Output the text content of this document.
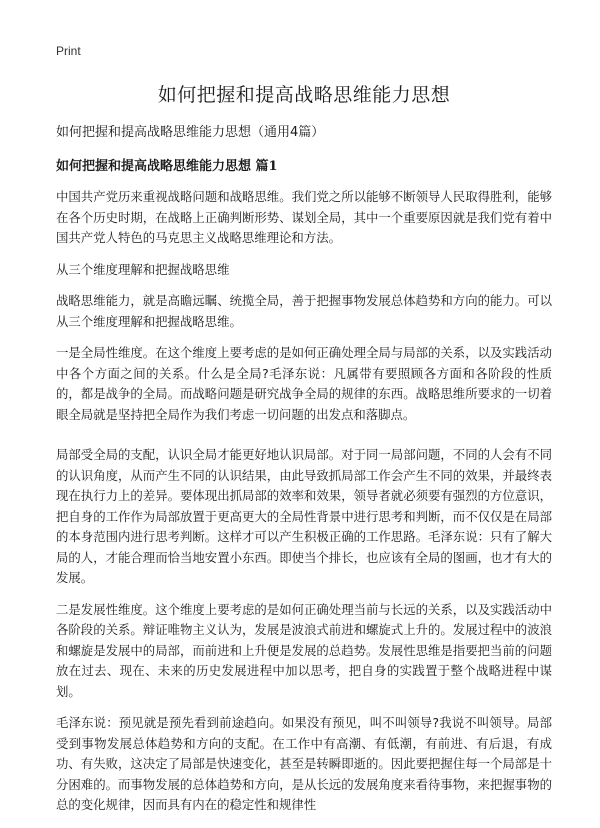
Print
如何把握和提高战略思维能力思想

如何把握和提高战略思维能力思想（通用4篇）

如何把握和提高战略思维能力思想 篇1

中国共产党历来重视战略问题和战略思维。我们党之所以能够不断领导人民取得胜利，能够在各个历史时期，在战略上正确判断形势、谋划全局，其中一个重要原因就是我们党有着中国共产党人特色的马克思主义战略思维理论和方法。

从三个维度理解和把握战略思维

战略思维能力，就是高瞻远瞩、统揽全局，善于把握事物发展总体趋势和方向的能力。可以从三个维度理解和把握战略思维。

一是全局性维度。在这个维度上要考虑的是如何正确处理全局与局部的关系，以及实践活动中各个方面之间的关系。什么是全局?毛泽东说：凡属带有要照顾各方面和各阶段的性质的，都是战争的全局。而战略问题是研究战争全局的规律的东西。战略思维所要求的一切着眼全局就是坚持把全局作为我们考虑一切问题的出发点和落脚点。

局部受全局的支配，认识全局才能更好地认识局部。对于同一局部问题，不同的人会有不同的认识角度，从而产生不同的认识结果，由此导致抓局部工作会产生不同的效果，并最终表现在执行力上的差异。要体现出抓局部的效率和效果，领导者就必须要有强烈的方位意识，把自身的工作作为局部放置于更高更大的全局性背景中进行思考和判断，而不仅仅是在局部的本身范围内进行思考判断。这样才可以产生积极正确的工作思路。毛泽东说：只有了解大局的人，才能合理而恰当地安置小东西。即使当个排长，也应该有全局的图画，也才有大的发展。

二是发展性维度。这个维度上要考虑的是如何正确处理当前与长远的关系，以及实践活动中各阶段的关系。辩证唯物主义认为，发展是波浪式前进和螺旋式上升的。发展过程中的波浪和螺旋是发展中的局部，而前进和上升便是发展的总趋势。发展性思维是指要把当前的问题放在过去、现在、未来的历史发展进程中加以思考，把自身的实践置于整个战略进程中谋划。

毛泽东说：预见就是预先看到前途趋向。如果没有预见，叫不叫领导?我说不叫领导。局部受到事物发展总体趋势和方向的支配。在工作中有高潮、有低潮，有前进、有后退，有成功、有失败，这决定了局部是快速变化，甚至是转瞬即逝的。因此要把握住每一个局部是十分困难的。而事物发展的总体趋势和方向，是从长远的发展角度来看待事物，来把握事物的总的变化规律，因而具有内在的稳定性和规律性
